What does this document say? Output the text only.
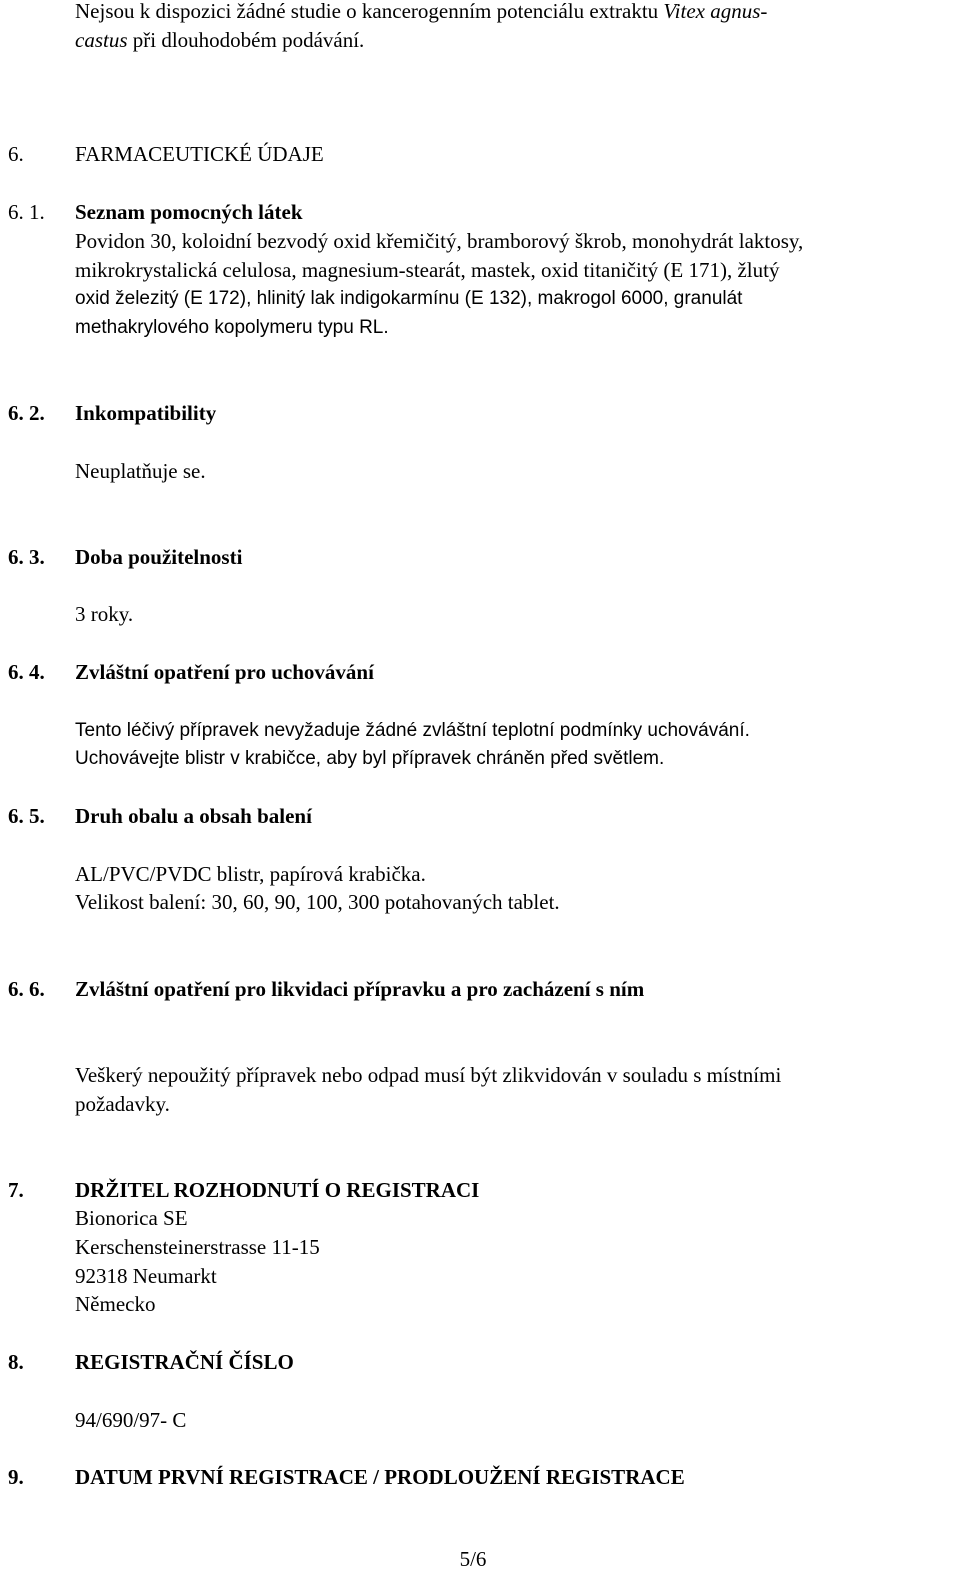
Nejsou k dispozici žádné studie o kancerogenním potenciálu extraktu Vitex agnus-
castus při dlouhodobém podávání.
6. FARMACEUTICKÉ ÚDAJE
6. 1. Seznam pomocných látek
Povidon 30, koloidní bezvodý oxid křemičitý, bramborový škrob, monohydrát laktosy,
mikrokrystalická celulosa, magnesium-stearát, mastek, oxid titaničitý (E 171), žlutý
oxid železitý (E 172), hlinitý lak indigokarmínu (E 132), makrogol 6000, granulát
methakrylového kopolymeru typu RL.
6. 2. Inkompatibility
Neuplatňuje se.
6. 3. Doba použitelnosti
3 roky.
6. 4. Zvláštní opatření pro uchovávání
Tento léčivý přípravek nevyžaduje žádné zvláštní teplotní podmínky uchovávání.
Uchovávejte blistr v krabičce, aby byl přípravek chráněn před světlem.
6. 5. Druh obalu a obsah balení
AL/PVC/PVDC blistr, papírová krabička.
Velikost balení: 30, 60, 90, 100, 300 potahovaných tablet.
6. 6. Zvláštní opatření pro likvidaci přípravku a pro zacházení s ním
Veškerý nepoužitý přípravek nebo odpad musí být zlikvidován v souladu s místními
požadavky.
7. DRŽITEL ROZHODNUTÍ O REGISTRACI
Bionorica SE
Kerschensteinerstrasse 11-15
92318 Neumarkt
Německo
8. REGISTRAČNÍ ČÍSLO
94/690/97- C
9. DATUM PRVNÍ REGISTRACE / PRODLOUŽENÍ REGISTRACE
5/6
